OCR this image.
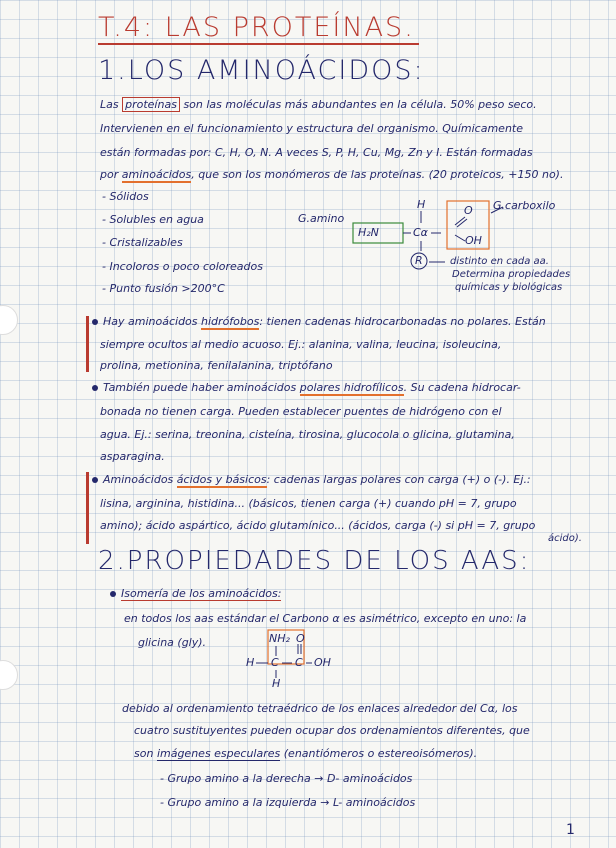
T.4: LAS PROTEÍNAS.
1.LOS AMINOÁCIDOS:
Las proteínas son las moléculas más abundantes en la célula. 50% peso seco.
Intervienen en el funcionamiento y estructura del organismo. Químicamente
están formadas por: C, H, O, N. A veces S, P, H, Cu, Mg, Zn y I. Están formadas
por aminoácidos, que son los monómeros de las proteínas. (20 proteicos, +150 no).
- Sólidos
- Solubles en agua
- Cristalizables
- Incoloros o poco coloreados
- Punto fusión >200°C
G.amino
G.carboxilo
H₂N	Cα
H	O
OH
R	distinto en cada aa.
Determina propiedades
químicas y biológicas
Hay aminoácidos hidrófobos: tienen cadenas hidrocarbonadas no polares. Están
siempre ocultos al medio acuoso. Ej.: alanina, valina, leucina, isoleucina,
prolina, metionina, fenilalanina, triptófano
También puede haber aminoácidos polares hidrofílicos. Su cadena hidrocar-
bonada no tienen carga. Pueden establecer puentes de hidrógeno con el
agua. Ej.: serina, treonina, cisteína, tirosina, glucocola o glicina, glutamina,
asparagina.
Aminoácidos ácidos y básicos: cadenas largas polares con carga (+) o (-). Ej.:
lisina, arginina, histidina... (básicos, tienen carga (+) cuando pH = 7, grupo
amino); ácido aspártico, ácido glutamínico... (ácidos, carga (-) si pH = 7, grupo
ácido).
2.PROPIEDADES DE LOS AAS:
Isomería de los aminoácidos:
en todos los aas estándar el Carbono α es asimétrico, excepto en uno: la
glicina (gly).	NH₂ O
H C C OH
H
debido al ordenamiento tetraédrico de los enlaces alrededor del Cα, los
cuatro sustituyentes pueden ocupar dos ordenamientos diferentes, que
son imágenes especulares (enantiómeros o estereoisómeros).
- Grupo amino a la derecha → D- aminoácidos
- Grupo amino a la izquierda → L- aminoácidos
1
